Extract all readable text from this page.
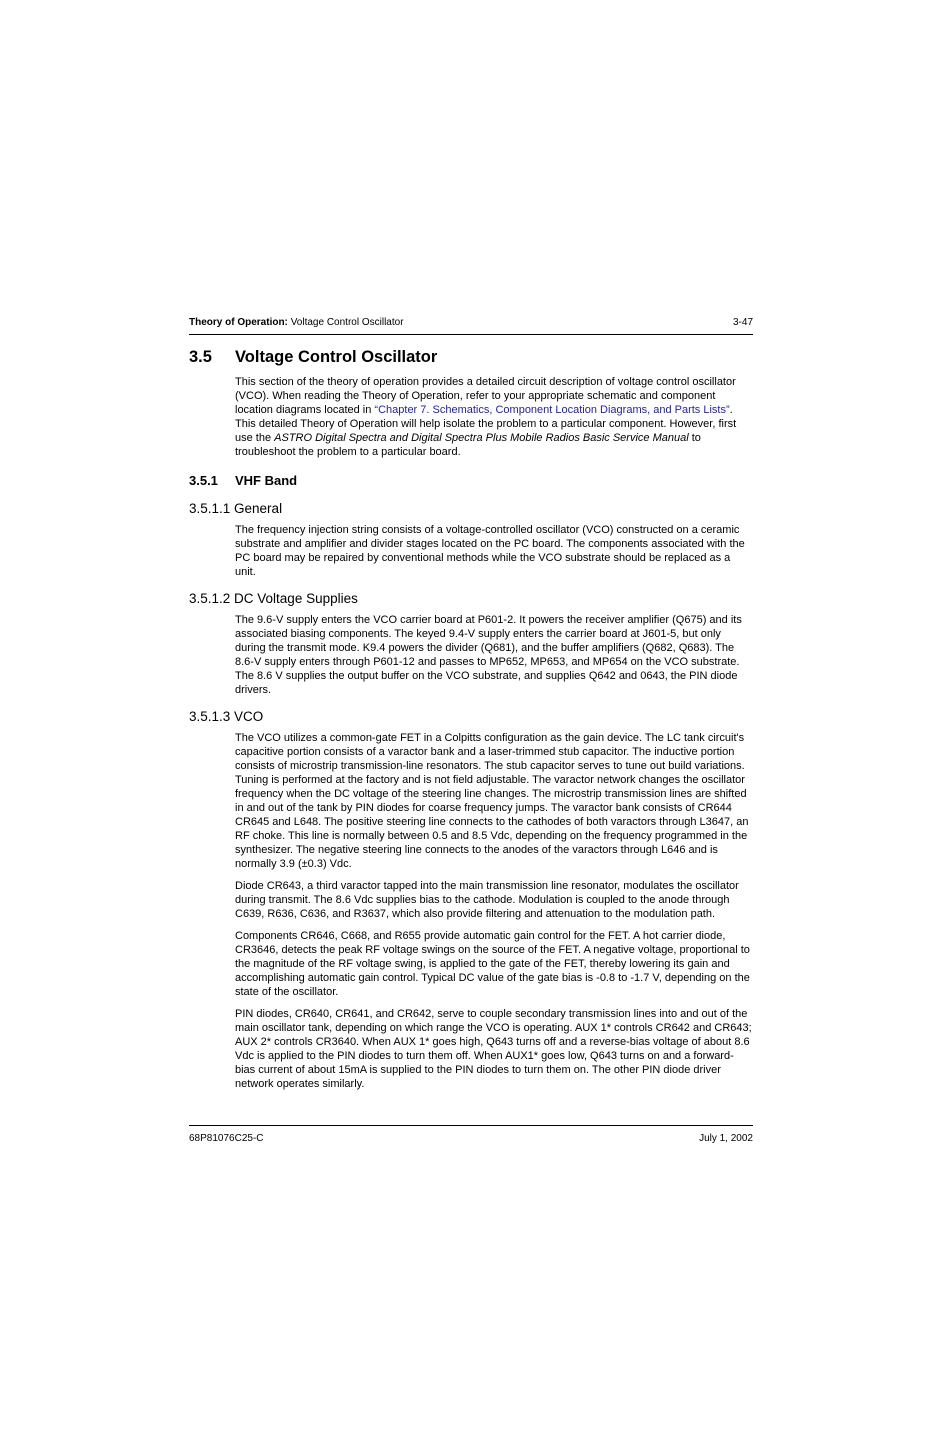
Theory of Operation: Voltage Control Oscillator	3-47
3.5 Voltage Control Oscillator

This section of the theory of operation provides a detailed circuit description of voltage control oscillator (VCO). When reading the Theory of Operation, refer to your appropriate schematic and component location diagrams located in “Chapter 7. Schematics, Component Location Diagrams, and Parts Lists”. This detailed Theory of Operation will help isolate the problem to a particular component. However, first use the ASTRO Digital Spectra and Digital Spectra Plus Mobile Radios Basic Service Manual to troubleshoot the problem to a particular board.

3.5.1 VHF Band
3.5.1.1 General

The frequency injection string consists of a voltage-controlled oscillator (VCO) constructed on a ceramic substrate and amplifier and divider stages located on the PC board. The components associated with the PC board may be repaired by conventional methods while the VCO substrate should be replaced as a unit.

3.5.1.2 DC Voltage Supplies

The 9.6-V supply enters the VCO carrier board at P601-2. It powers the receiver amplifier (Q675) and its associated biasing components. The keyed 9.4-V supply enters the carrier board at J601-5, but only during the transmit mode. K9.4 powers the divider (Q681), and the buffer amplifiers (Q682, Q683). The 8.6-V supply enters through P601-12 and passes to MP652, MP653, and MP654 on the VCO substrate. The 8.6 V supplies the output buffer on the VCO substrate, and supplies Q642 and 0643, the PIN diode drivers.

3.5.1.3 VCO

The VCO utilizes a common-gate FET in a Colpitts configuration as the gain device. The LC tank circuit's capacitive portion consists of a varactor bank and a laser-trimmed stub capacitor. The inductive portion consists of microstrip transmission-line resonators. The stub capacitor serves to tune out build variations. Tuning is performed at the factory and is not field adjustable. The varactor network changes the oscillator frequency when the DC voltage of the steering line changes. The microstrip transmission lines are shifted in and out of the tank by PIN diodes for coarse frequency jumps. The varactor bank consists of CR644 CR645 and L648. The positive steering line connects to the cathodes of both varactors through L3647, an RF choke. This line is normally between 0.5 and 8.5 Vdc, depending on the frequency programmed in the synthesizer. The negative steering line connects to the anodes of the varactors through L646 and is normally 3.9 (±0.3) Vdc.

Diode CR643, a third varactor tapped into the main transmission line resonator, modulates the oscillator during transmit. The 8.6 Vdc supplies bias to the cathode. Modulation is coupled to the anode through C639, R636, C636, and R3637, which also provide filtering and attenuation to the modulation path.

Components CR646, C668, and R655 provide automatic gain control for the FET. A hot carrier diode, CR3646, detects the peak RF voltage swings on the source of the FET. A negative voltage, proportional to the magnitude of the RF voltage swing, is applied to the gate of the FET, thereby lowering its gain and accomplishing automatic gain control. Typical DC value of the gate bias is -0.8 to -1.7 V, depending on the state of the oscillator.

PIN diodes, CR640, CR641, and CR642, serve to couple secondary transmission lines into and out of the main oscillator tank, depending on which range the VCO is operating. AUX 1* controls CR642 and CR643; AUX 2* controls CR3640. When AUX 1* goes high, Q643 turns off and a reverse-bias voltage of about 8.6 Vdc is applied to the PIN diodes to turn them off. When AUX1* goes low, Q643 turns on and a forward-bias current of about 15mA is supplied to the PIN diodes to turn them on. The other PIN diode driver network operates similarly.

68P81076C25-C	July 1, 2002
